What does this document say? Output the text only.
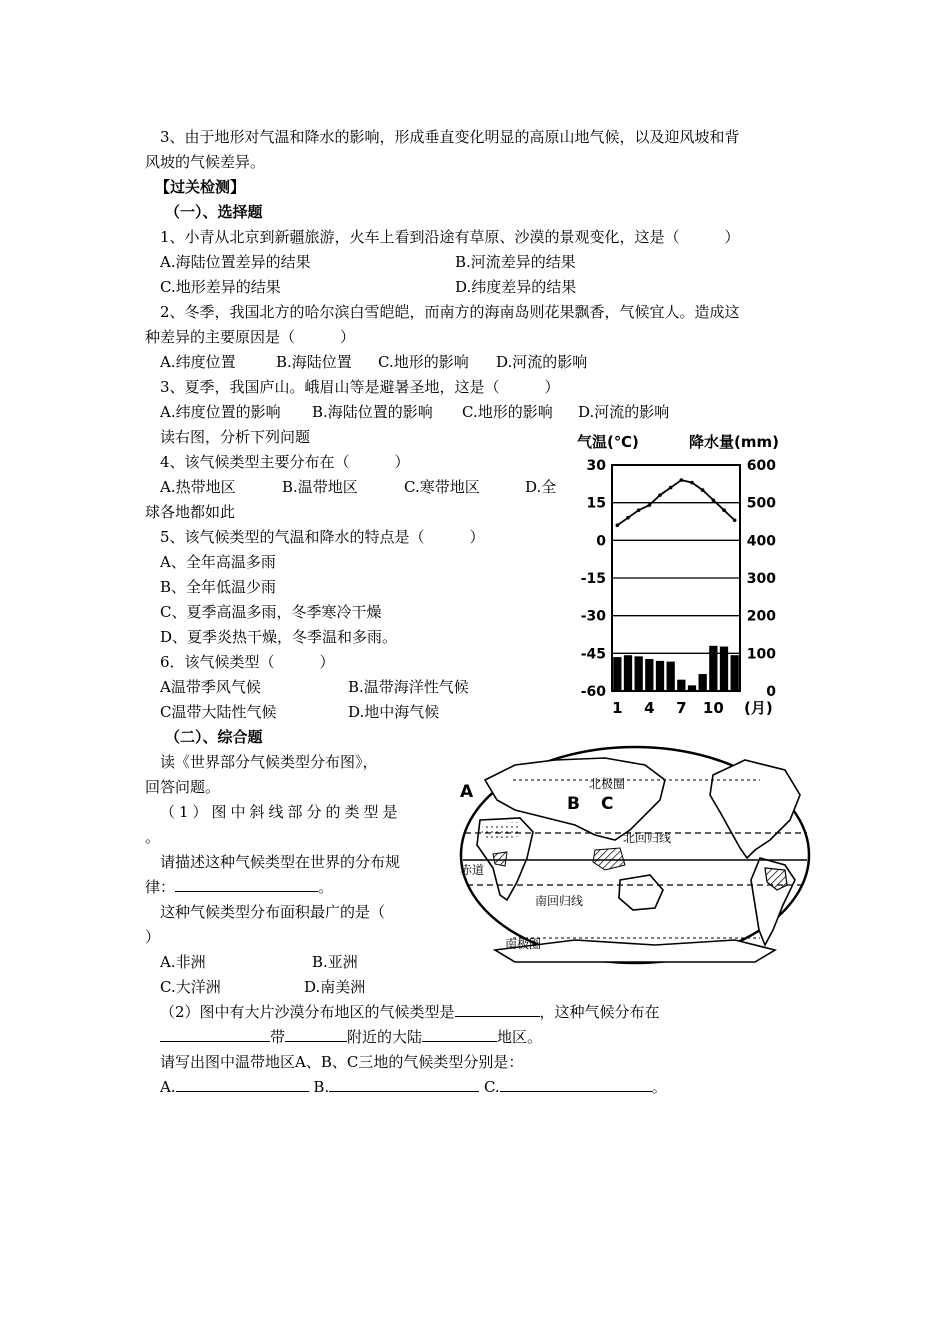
3、由于地形对气温和降水的影响，形成垂直变化明显的高原山地气候，以及迎风坡和背
风坡的气候差异。
【过关检测】
（一）、选择题
1、小青从北京到新疆旅游，火车上看到沿途有草原、沙漠的景观变化，这是（　　　）
A.海陆位置差异的结果	B.河流差异的结果
C.地形差异的结果	D.纬度差异的结果
2、冬季，我国北方的哈尔滨白雪皑皑，而南方的海南岛则花果飘香，气候宜人。造成这
种差异的主要原因是（　　　）
A.纬度位置	B.海陆位置 C.地形的影响 D.河流的影响
3、夏季，我国庐山。峨眉山等是避暑圣地，这是（　　　）
A.纬度位置的影响 B.海陆位置的影响 C.地形的影响 D.河流的影响
读右图，分析下列问题
4、该气候类型主要分布在（　　　）
A.热带地区	B.温带地区	C.寒带地区	D.全
球各地都如此
5、该气候类型的气温和降水的特点是（　　　）
A、全年高温多雨
B、全年低温少雨
C、夏季高温多雨，冬季寒冷干燥
D、夏季炎热干燥，冬季温和多雨。
6．该气候类型（　　　）
A温带季风气候	B.温带海洋性气候
C温带大陆性气候	D.地中海气候
（二）、综合题
读《世界部分气候类型分布图》，
回答问题。
（1）图中斜线部分的类型是
。
请描述这种气候类型在世界的分布规
律：	。
这种气候类型分布面积最广的是（
）
A.非洲	B.亚洲
C.大洋洲	D.南美洲
（2）图中有大片沙漠分布地区的气候类型是	，这种气候分布在
带	附近的大陆	地区。
请写出图中温带地区A、B、C三地的气候类型分别是：
A.	B.	C.	。
气温(℃)	降水量(mm)
30
15
0
-15
-30
-45
-60
600
500
400
300
200
100
0
1 4 7 10 (月)
A
B C
北极圈
北回归线
赤道
南回归线
南极圈
